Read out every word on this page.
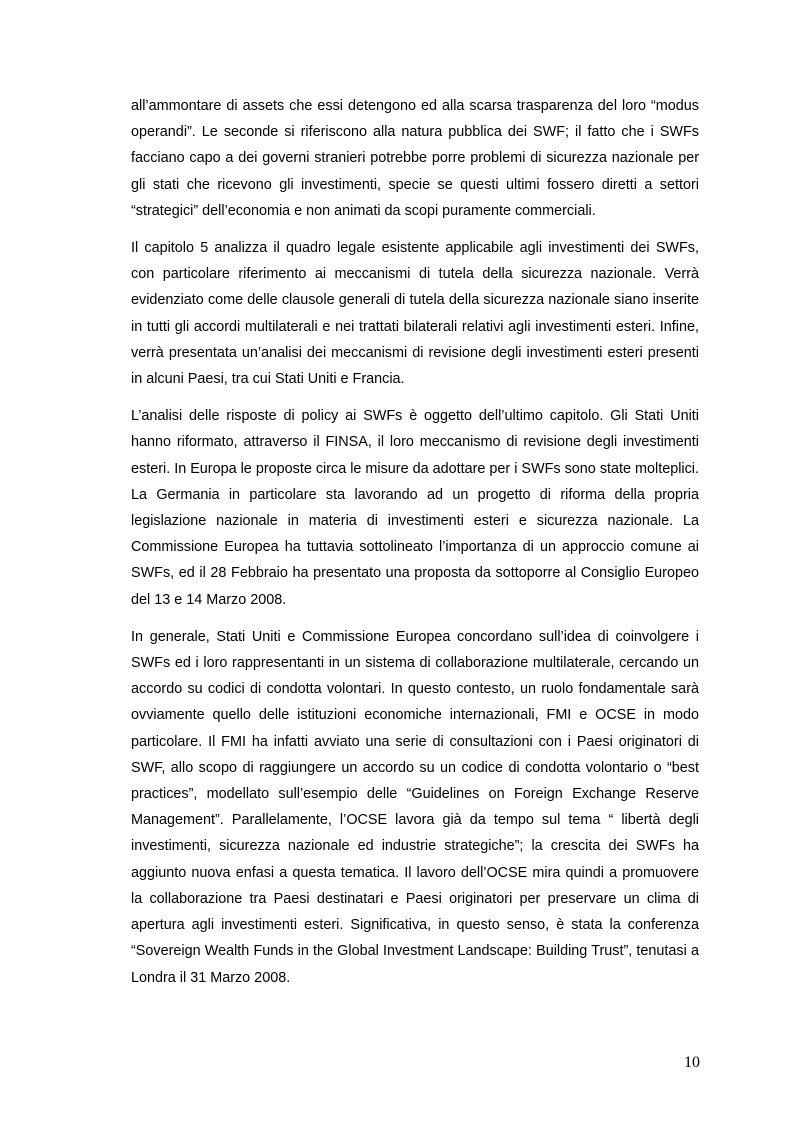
all’ammontare di assets che essi detengono ed alla scarsa trasparenza del loro “modus operandi”. Le seconde si riferiscono alla natura pubblica dei SWF; il fatto che i SWFs facciano capo a dei governi stranieri potrebbe porre problemi di sicurezza nazionale per gli stati che ricevono gli investimenti, specie se questi ultimi fossero diretti a settori “strategici” dell’economia e non animati da scopi puramente commerciali.

Il capitolo 5 analizza il quadro legale esistente applicabile agli investimenti dei SWFs, con particolare riferimento ai meccanismi di tutela della sicurezza nazionale. Verrà evidenziato come delle clausole generali di tutela della sicurezza nazionale siano inserite in tutti gli accordi multilaterali e nei trattati bilaterali relativi agli investimenti esteri. Infine, verrà presentata un’analisi dei meccanismi di revisione degli investimenti esteri presenti in alcuni Paesi, tra cui Stati Uniti e Francia.

L’analisi delle risposte di policy ai SWFs è oggetto dell’ultimo capitolo. Gli Stati Uniti hanno riformato, attraverso il FINSA, il loro meccanismo di revisione degli investimenti esteri. In Europa le proposte circa le misure da adottare per i SWFs sono state molteplici. La Germania in particolare sta lavorando ad un progetto di riforma della propria legislazione nazionale in materia di investimenti esteri e sicurezza nazionale. La Commissione Europea ha tuttavia sottolineato l’importanza di un approccio comune ai SWFs, ed il 28 Febbraio ha presentato una proposta da sottoporre al Consiglio Europeo del 13 e 14 Marzo 2008.

In generale, Stati Uniti e Commissione Europea concordano sull’idea di coinvolgere i SWFs ed i loro rappresentanti in un sistema di collaborazione multilaterale, cercando un accordo su codici di condotta volontari. In questo contesto, un ruolo fondamentale sarà ovviamente quello delle istituzioni economiche internazionali, FMI e OCSE in modo particolare. Il FMI ha infatti avviato una serie di consultazioni con i Paesi originatori di SWF, allo scopo di raggiungere un accordo su un codice di condotta volontario o “best practices”, modellato sull’esempio delle “Guidelines on Foreign Exchange Reserve Management”. Parallelamente, l’OCSE lavora già da tempo sul tema “ libertà degli investimenti, sicurezza nazionale ed industrie strategiche”; la crescita dei SWFs ha aggiunto nuova enfasi a questa tematica. Il lavoro dell’OCSE mira quindi a promuovere la collaborazione tra Paesi destinatari e Paesi originatori per preservare un clima di apertura agli investimenti esteri. Significativa, in questo senso, è stata la conferenza “Sovereign Wealth Funds in the Global Investment Landscape: Building Trust”, tenutasi a Londra il 31 Marzo 2008.

10
